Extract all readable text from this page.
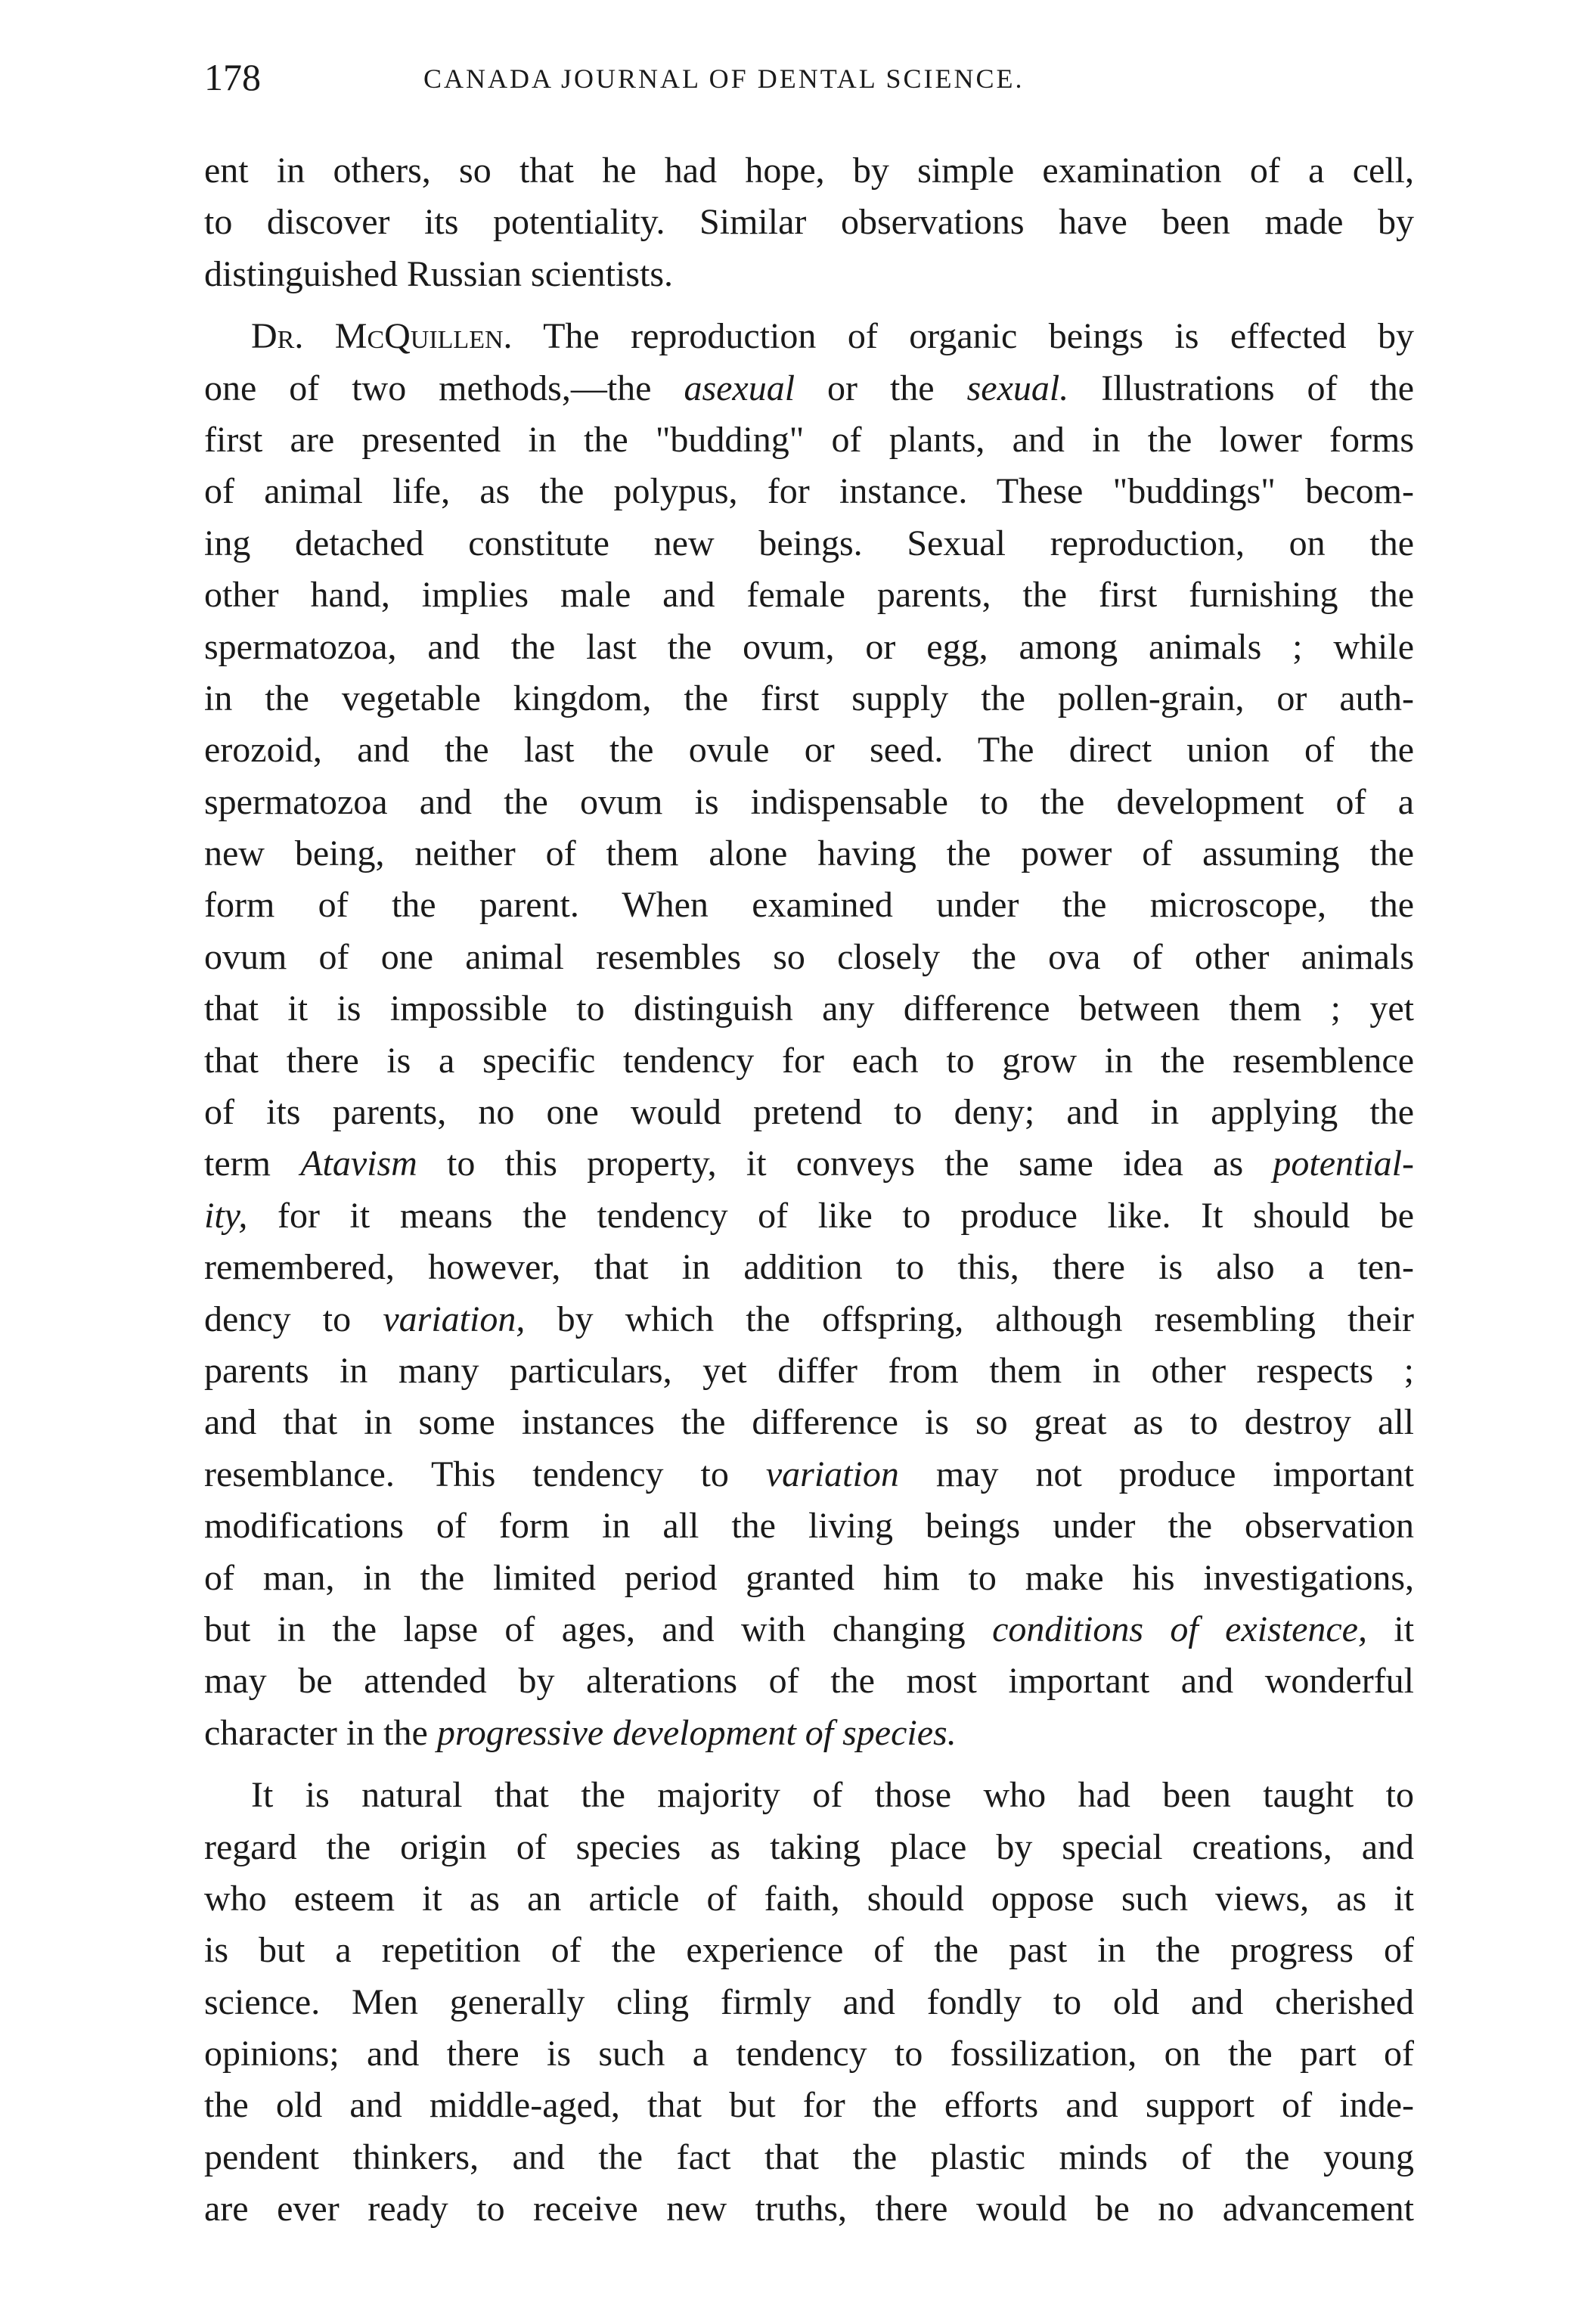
178	CANADA JOURNAL OF DENTAL SCIENCE.

ent in others, so that he had hope, by simple examination of a cell,
to discover its potentiality. Similar observations have been made by
distinguished Russian scientists.

Dr. McQuillen. The reproduction of organic beings is effected by
one of two methods,—the asexual or the sexual. Illustrations of the
first are presented in the "budding" of plants, and in the lower forms
of animal life, as the polypus, for instance. These "buddings" becom-
ing detached constitute new beings. Sexual reproduction, on the
other hand, implies male and female parents, the first furnishing the
spermatozoa, and the last the ovum, or egg, among animals ; while
in the vegetable kingdom, the first supply the pollen-grain, or auth-
erozoid, and the last the ovule or seed. The direct union of the
spermatozoa and the ovum is indispensable to the development of a
new being, neither of them alone having the power of assuming the
form of the parent. When examined under the microscope, the
ovum of one animal resembles so closely the ova of other animals
that it is impossible to distinguish any difference between them ; yet
that there is a specific tendency for each to grow in the resemblence
of its parents, no one would pretend to deny; and in applying the
term Atavism to this property, it conveys the same idea as potential-
ity, for it means the tendency of like to produce like. It should be
remembered, however, that in addition to this, there is also a ten-
dency to variation, by which the offspring, although resembling their
parents in many particulars, yet differ from them in other respects ;
and that in some instances the difference is so great as to destroy all
resemblance. This tendency to variation may not produce important
modifications of form in all the living beings under the observation
of man, in the limited period granted him to make his investigations,
but in the lapse of ages, and with changing conditions of existence, it
may be attended by alterations of the most important and wonderful
character in the progressive development of species.

It is natural that the majority of those who had been taught to
regard the origin of species as taking place by special creations, and
who esteem it as an article of faith, should oppose such views, as it
is but a repetition of the experience of the past in the progress of
science. Men generally cling firmly and fondly to old and cherished
opinions; and there is such a tendency to fossilization, on the part of
the old and middle-aged, that but for the efforts and support of inde-
pendent thinkers, and the fact that the plastic minds of the young
are ever ready to receive new truths, there would be no advancement
